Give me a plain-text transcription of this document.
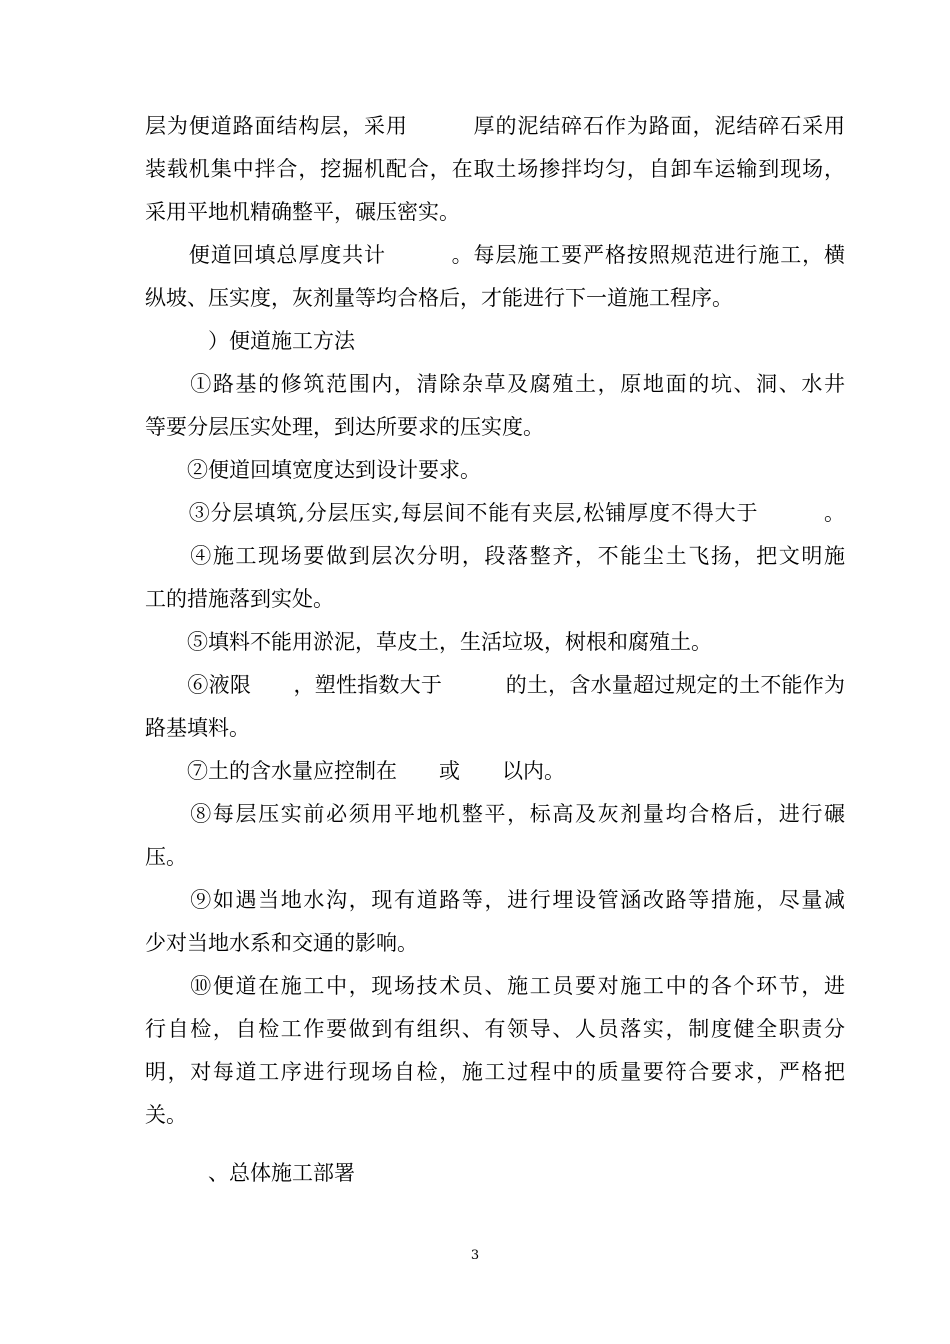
层为便道路面结构层，采用　　　厚的泥结碎石作为路面，泥结碎石采用
装载机集中拌合，挖掘机配合，在取土场掺拌均匀，自卸车运输到现场，
采用平地机精确整平，碾压密实。
　　便道回填总厚度共计　　　。每层施工要严格按照规范进行施工，横
纵坡、压实度，灰剂量等均合格后，才能进行下一道施工程序。
　　　）便道施工方法
　　①路基的修筑范围内，清除杂草及腐殖土，原地面的坑、洞、水井
等要分层压实处理，到达所要求的压实度。
　　②便道回填宽度达到设计要求。
　　③分层填筑,分层压实,每层间不能有夹层,松铺厚度不得大于　　　。
　　④施工现场要做到层次分明，段落整齐，不能尘土飞扬，把文明施
工的措施落到实处。
　　⑤填料不能用淤泥，草皮土，生活垃圾，树根和腐殖土。
　　⑥液限　　，塑性指数大于　　　的土，含水量超过规定的土不能作为
路基填料。
　　⑦土的含水量应控制在　　或　　以内。
　　⑧每层压实前必须用平地机整平，标高及灰剂量均合格后，进行碾
压。
　　⑨如遇当地水沟，现有道路等，进行埋设管涵改路等措施，尽量减
少对当地水系和交通的影响。
　　⑩便道在施工中，现场技术员、施工员要对施工中的各个环节，进
行自检，自检工作要做到有组织、有领导、人员落实，制度健全职责分
明，对每道工序进行现场自检，施工过程中的质量要符合要求，严格把
关。
　　　、总体施工部署
3
